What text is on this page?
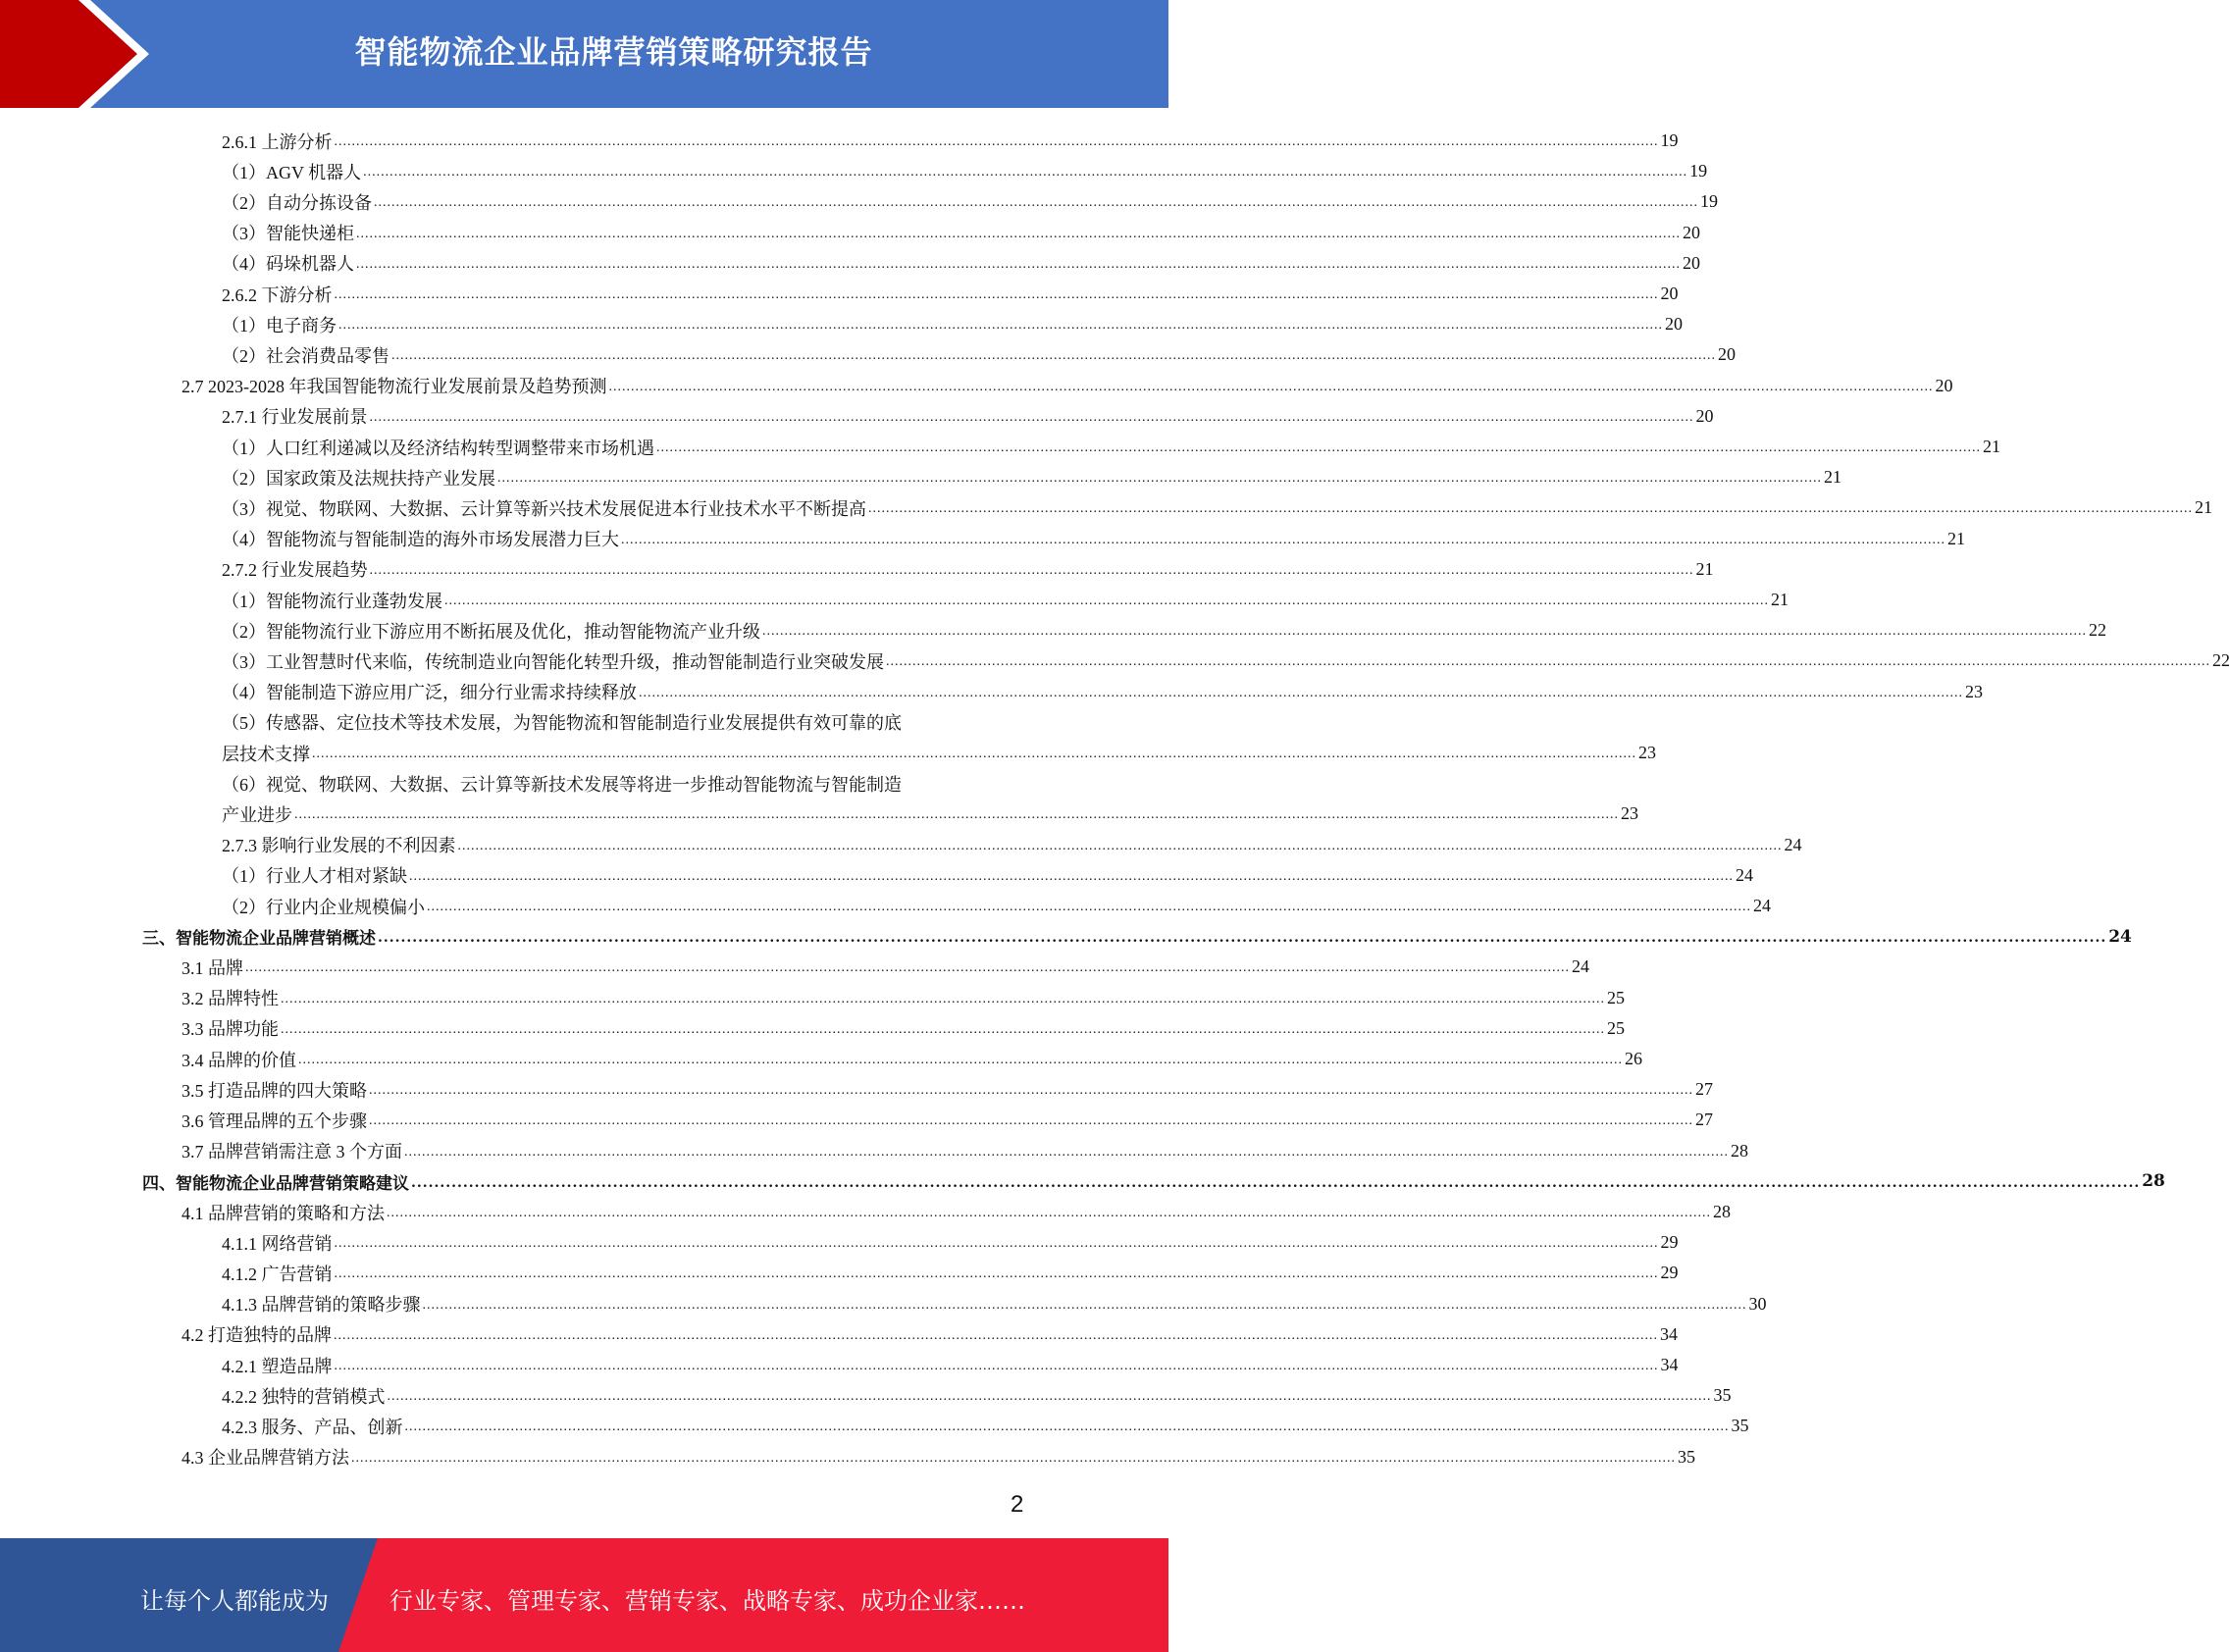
智能物流企业品牌营销策略研究报告
2.6.1 上游分析 ............................................................................................................................................................................................................................................................................................................ 19
（1）AGV 机器人 ............................................................................................................................................................................................................................................................................................................ 19
（2）自动分拣设备 ............................................................................................................................................................................................................................................................................................................ 19
（3）智能快递柜 ............................................................................................................................................................................................................................................................................................................ 20
（4）码垛机器人 ............................................................................................................................................................................................................................................................................................................ 20
2.6.2 下游分析 ............................................................................................................................................................................................................................................................................................................ 20
（1）电子商务 ............................................................................................................................................................................................................................................................................................................ 20
（2）社会消费品零售 ............................................................................................................................................................................................................................................................................................................ 20
2.7 2023-2028 年我国智能物流行业发展前景及趋势预测 ............................................................................................................................................................................................................................................................................................................ 20
2.7.1 行业发展前景 ............................................................................................................................................................................................................................................................................................................ 20
（1）人口红利递减以及经济结构转型调整带来市场机遇 ............................................................................................................................................................................................................................................................................................................ 21
（2）国家政策及法规扶持产业发展 ............................................................................................................................................................................................................................................................................................................ 21
（3）视觉、物联网、大数据、云计算等新兴技术发展促进本行业技术水平不断提高 ............................................................................................................................................................................................................................................................................................................ 21
（4）智能物流与智能制造的海外市场发展潜力巨大 ............................................................................................................................................................................................................................................................................................................ 21
2.7.2 行业发展趋势 ............................................................................................................................................................................................................................................................................................................ 21
（1）智能物流行业蓬勃发展 ............................................................................................................................................................................................................................................................................................................ 21
（2）智能物流行业下游应用不断拓展及优化，推动智能物流产业升级 ............................................................................................................................................................................................................................................................................................................ 22
（3）工业智慧时代来临，传统制造业向智能化转型升级，推动智能制造行业突破发展 ............................................................................................................................................................................................................................................................................................................ 22
（4）智能制造下游应用广泛，细分行业需求持续释放 ............................................................................................................................................................................................................................................................................................................ 23
（5）传感器、定位技术等技术发展，为智能物流和智能制造行业发展提供有效可靠的底
层技术支撑 ............................................................................................................................................................................................................................................................................................................ 23
（6）视觉、物联网、大数据、云计算等新技术发展等将进一步推动智能物流与智能制造
产业进步 ............................................................................................................................................................................................................................................................................................................ 23
2.7.3 影响行业发展的不利因素 ............................................................................................................................................................................................................................................................................................................ 24
（1）行业人才相对紧缺 ............................................................................................................................................................................................................................................................................................................ 24
（2）行业内企业规模偏小 ............................................................................................................................................................................................................................................................................................................ 24
三、智能物流企业品牌营销概述 ............................................................................................................................................................................................................................................................................................................ 24
3.1 品牌 ............................................................................................................................................................................................................................................................................................................ 24
3.2 品牌特性 ............................................................................................................................................................................................................................................................................................................ 25
3.3 品牌功能 ............................................................................................................................................................................................................................................................................................................ 25
3.4 品牌的价值 ............................................................................................................................................................................................................................................................................................................ 26
3.5 打造品牌的四大策略 ............................................................................................................................................................................................................................................................................................................ 27
3.6 管理品牌的五个步骤 ............................................................................................................................................................................................................................................................................................................ 27
3.7 品牌营销需注意 3 个方面 ............................................................................................................................................................................................................................................................................................................ 28
四、智能物流企业品牌营销策略建议 ............................................................................................................................................................................................................................................................................................................ 28
4.1 品牌营销的策略和方法 ............................................................................................................................................................................................................................................................................................................ 28
4.1.1 网络营销 ............................................................................................................................................................................................................................................................................................................ 29
4.1.2 广告营销 ............................................................................................................................................................................................................................................................................................................ 29
4.1.3 品牌营销的策略步骤 ............................................................................................................................................................................................................................................................................................................ 30
4.2 打造独特的品牌 ............................................................................................................................................................................................................................................................................................................ 34
4.2.1 塑造品牌 ............................................................................................................................................................................................................................................................................................................ 34
4.2.2 独特的营销模式 ............................................................................................................................................................................................................................................................................................................ 35
4.2.3 服务、产品、创新 ............................................................................................................................................................................................................................................................................................................ 35
4.3 企业品牌营销方法 ............................................................................................................................................................................................................................................................................................................ 35
2
让每个人都能成为	行业专家、管理专家、营销专家、战略专家、成功企业家……
